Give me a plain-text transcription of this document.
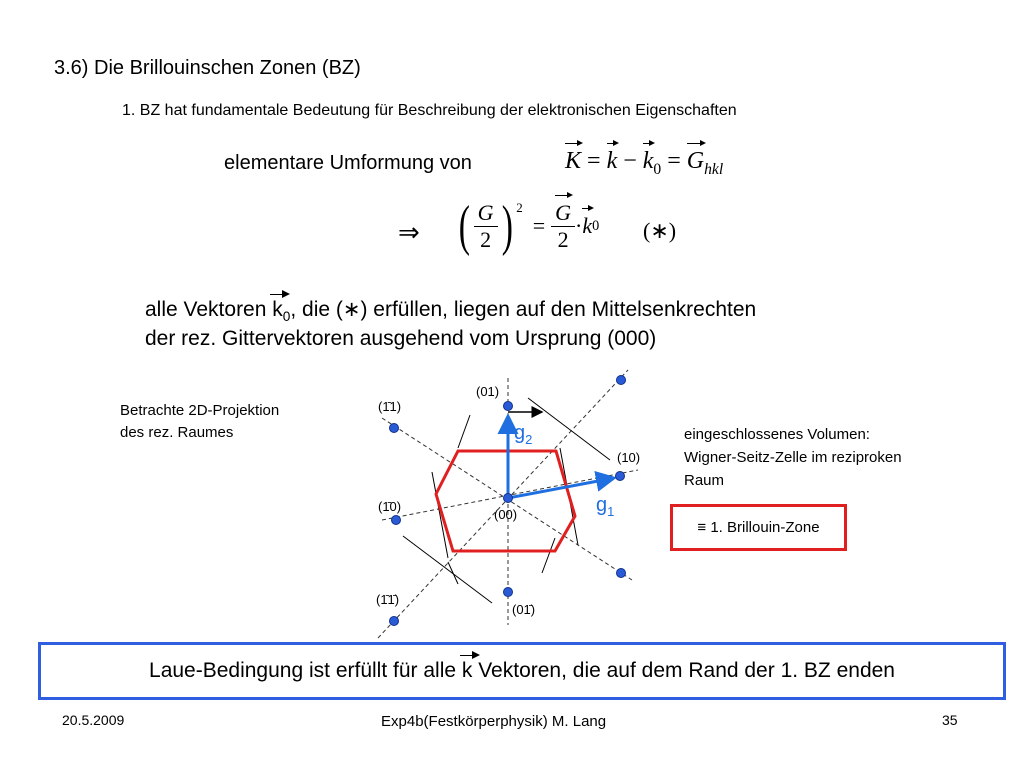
3.6) Die Brillouinschen Zonen (BZ)
1. BZ hat fundamentale Bedeutung für Beschreibung der elektronischen Eigenschaften
elementare Umformung von	$K = k - k_0 = G_{hkl}$
⇒ ( $\frac{G}{2}$ ) $^2$
= $\frac{G}{2} \cdot k$ 0 (∗)
alle Vektoren k
$_0$, die (∗) erfüllen, liegen auf den Mittelsenkrechten
der rez. Gittervektoren ausgehend vom Ursprung (000)
Betrachte 2D-Projektion
des rez. Raumes	eingeschlossenes Volumen:
Wigner-Seitz-Zelle im reziproken
Raum
≡ 1. Brillouin-Zone
(01)
(1̄1)
(10)
(1̄0)
(00)
(1̄1̄)
(01̄)
$g_2$
$g_1$
Laue-Bedingung ist erfüllt für alle k
Vektoren, die auf dem Rand der 1. BZ enden
20.5.2009	Exp4b(Festkörperphysik) M. Lang	35
